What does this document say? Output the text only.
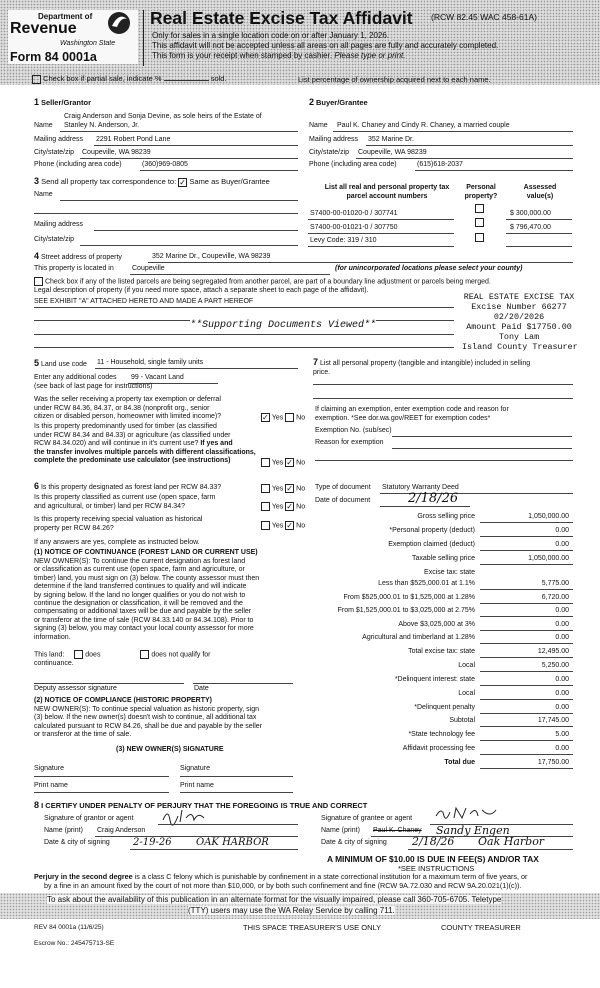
Department of
Revenue
Washington State
Form 84 0001a
Real Estate Excise Tax Affidavit (RCW 82.45 WAC 458-61A)
Only for sales in a single location code on or after January 1, 2026.
This affidavit will not be accepted unless all areas on all pages are fully and accurately completed.
This form is your receipt when stamped by cashier. Please type or print.
Check box if partial sale, indicate %	sold.	List percentage of ownership acquired next to each name.
1 Seller/Grantor
Craig Anderson and Sonja Devine, as sole heirs of the Estate of
Name Stanley N. Anderson, Jr.
Mailing address 2291 Robert Pond Lane
City/state/zip Coupeville, WA 98239
Phone (including area code)	(360)969-0805
2 Buyer/Grantee
Name Paul K. Chaney and Cindy R. Chaney, a married couple
Mailing address 352 Marine Dr.
City/state/zip Coupeville, WA 98239
Phone (including area code)	(615)618-2037
3 Send all property tax correspondence to: ✓ Same as Buyer/Grantee
Name
Mailing address
City/state/zip
List all real and personal property tax
parcel account numbers
Personal
property?
Assessed
value(s)
S7400-00-01020-0 / 307741	$ 300,000.00
S7400-00-01021-0 / 307750	$ 796,470.00
Levy Code: 319 / 310
4 Street address of property	352 Marine Dr., Coupeville, WA 98239
This property is located in	Coupeville	(for unincorporated locations please select your county)
Check box if any of the listed parcels are being segregated from another parcel, are part of a boundary line adjustment or parcels being merged.
Legal description of property (if you need more space, attach a separate sheet to each page of the affidavit).
SEE EXHIBIT "A" ATTACHED HERETO AND MADE A PART HEREOF
**Supporting Documents Viewed**
REAL ESTATE EXCISE TAX
Excise Number 66277
02/20/2026
Amount Paid $17750.00
Tony Lam
Island County Treasurer
5 Land use code 11 - Household, single family units
Enter any additional codes 99 - Vacant Land
(see back of last page for instructions)
Was the seller receiving a property tax exemption or deferral
under RCW 84.36, 84.37, or 84.38 (nonprofit org., senior
citizen or disabled person, homeowner with limited income)?	✓ Yes No
Is this property predominantly used for timber (as classified
under RCW 84.34 and 84.33) or agriculture (as classified under
RCW 84.34.020) and will continue in it's current use? If yes and
the transfer involves multiple parcels with different classifications,
complete the predominate use calculator (see instructions)	Yes ✓ No
7 List all personal property (tangible and intangible) included in selling
price.
If claiming an exemption, enter exemption code and reason for
exemption. *See dor.wa.gov/REET for exemption codes*
Exemption No. (sub/sec)
Reason for exemption
6 Is this property designated as forest land per RCW 84.33?	Yes ✓ No
Is this property classified as current use (open space, farm
and agricultural, or timber) land per RCW 84.34?	Yes ✓ No
Is this property receiving special valuation as historical
property per RCW 84.26?	Yes ✓ No
If any answers are yes, complete as instructed below.
(1) NOTICE OF CONTINUANCE (FOREST LAND OR CURRENT USE)
NEW OWNER(S): To continue the current designation as forest land
or classification as current use (open space, farm and agriculture, or
timber) land, you must sign on (3) below. The county assessor must then
determine if the land transferred continues to qualify and will indicate
by signing below. If the land no longer qualifies or you do not wish to
continue the designation or classification, it will be removed and the
compensating or additional taxes will be due and payable by the seller
or transferor at the time of sale (RCW 84.33.140 or 84.34.108). Prior to
signing (3) below, you may contact your local county assessor for more
information.
This land:	does	does not qualify for
continuance.
Deputy assessor signature	Date
(2) NOTICE OF COMPLIANCE (HISTORIC PROPERTY)
NEW OWNER(S): To continue special valuation as historic property, sign
(3) below. If the new owner(s) doesn't wish to continue, all additional tax
calculated pursuant to RCW 84.26, shall be due and payable by the seller
or transferor at the time of sale.
(3) NEW OWNER(S) SIGNATURE
Signature	Signature
Print name	Print name
Type of document Statutory Warranty Deed
Date of document	2/18/26
Gross selling price	1,050,000.00
*Personal property (deduct)	0.00
Exemption claimed (deduct)	0.00
Taxable selling price	1,050,000.00
Excise tax: state
Less than $525,000.01 at 1.1%	5,775.00
From $525,000.01 to $1,525,000 at 1.28%	6,720.00
From $1,525,000.01 to $3,025,000 at 2.75%	0.00
Above $3,025,000 at 3%	0.00
Agricultural and timberland at 1.28%	0.00
Total excise tax: state	12,495.00
Local	5,250.00
*Delinquent interest: state	0.00
Local	0.00
*Delinquent penalty	0.00
Subtotal	17,745.00
*State technology fee	5.00
Affidavit processing fee	0.00
Total due	17,750.00
A MINIMUM OF $10.00 IS DUE IN FEE(S) AND/OR TAX
*SEE INSTRUCTIONS
8 I CERTIFY UNDER PENALTY OF PERJURY THAT THE FOREGOING IS TRUE AND CORRECT
Signature of grantor or agent
Name (print) Craig Anderson
Date & city of signing 2-19-26 OAK HARBOR
Signature of grantee or agent
Name (print) Paul K. Chaney Sandy Engen
Date & city of signing 2/18/26 Oak Harbor
Perjury in the second degree is a class C felony which is punishable by confinement in a state correctional institution for a maximum term of five years, or
by a fine in an amount fixed by the court of not more than $10,000, or by both such confinement and fine (RCW 9A.72.030 and RCW 9A.20.021(1)(c)).
To ask about the availability of this publication in an alternate format for the visually impaired, please call 360-705-6705. Teletype
(TTY) users may use the WA Relay Service by calling 711.
REV 84 0001a (11/6/25)	THIS SPACE TREASURER'S USE ONLY	COUNTY TREASURER
Escrow No.: 245475713-SE
